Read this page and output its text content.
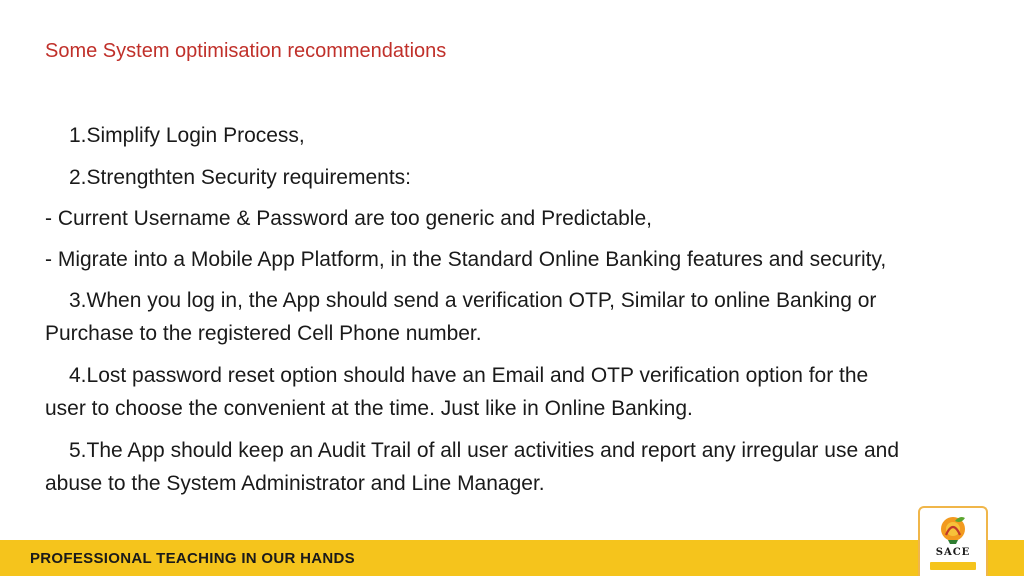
Some System optimisation recommendations
1.Simplify Login Process,
2.Strengthten Security requirements:
- Current Username & Password are too generic and Predictable,
- Migrate into a Mobile App Platform, in the Standard Online Banking features and security,
3.When you log in, the App should send a verification OTP, Similar to online Banking or
Purchase to the registered Cell Phone number.
4.Lost password reset option should have an Email and OTP verification option for the
user to choose the convenient at the time. Just like in Online Banking.
5.The App should keep an Audit Trail of all user activities and report any irregular use and
abuse to the System Administrator and Line Manager.
PROFESSIONAL TEACHING IN OUR HANDS	SACE
